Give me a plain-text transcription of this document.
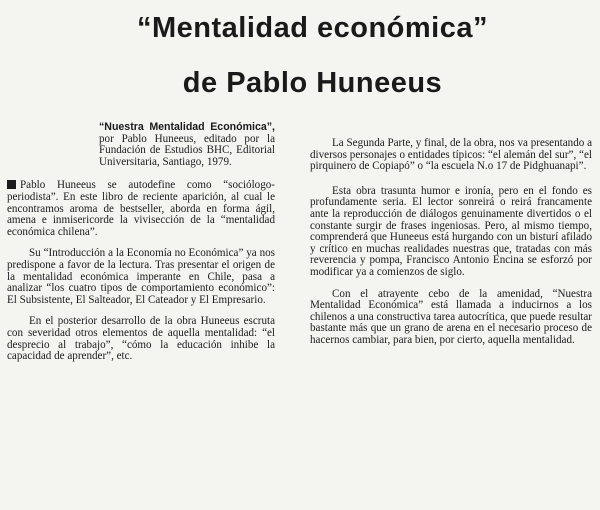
“Mentalidad económica”
de Pablo Huneeus

“Nuestra Mentalidad Económica”, por Pablo Huneeus, editado por la Fundación de Estudios BHC, Editorial Universitaria, Santiago, 1979.

Pablo Huneeus se autodefine como “sociólogo-periodista”. En este libro de reciente aparición, al cual le encontramos aroma de bestseller, aborda en forma ágil, amena e inmisericorde la vivisección de la “mentalidad económica chilena”.

Su “Introducción a la Economía no Económica” ya nos predispone a favor de la lectura. Tras presentar el origen de la mentalidad económica imperante en Chile, pasa a analizar “los cuatro tipos de comportamiento económico”: El Subsistente, El Salteador, El Cateador y El Empresario.

En el posterior desarrollo de la obra Huneeus escruta con severidad otros elementos de aquella mentalidad: “el desprecio al trabajo”, “cómo la educación inhibe la capacidad de aprender”, etc.

La Segunda Parte, y final, de la obra, nos va presentando a diversos personajes o entidades típicos: “el alemán del sur”, “el pirquinero de Copiapó” o “la escuela N.o 17 de Pidghuanapi”.

Esta obra trasunta humor e ironía, pero en el fondo es profundamente seria. El lector sonreirá o reirá francamente ante la reproducción de diálogos genuinamente divertidos o el constante surgir de frases ingeniosas. Pero, al mismo tiempo, comprenderá que Huneeus está hurgando con un bisturí afilado y crítico en muchas realidades nuestras que, tratadas con más reverencia y pompa, Francisco Antonio Encina se esforzó por modificar ya a comienzos de siglo.

Con el atrayente cebo de la amenidad, “Nuestra Mentalidad Económica” está llamada a inducirnos a los chilenos a una constructiva tarea autocrítica, que puede resultar bastante más que un grano de arena en el necesario proceso de hacernos cambiar, para bien, por cierto, aquella mentalidad.
